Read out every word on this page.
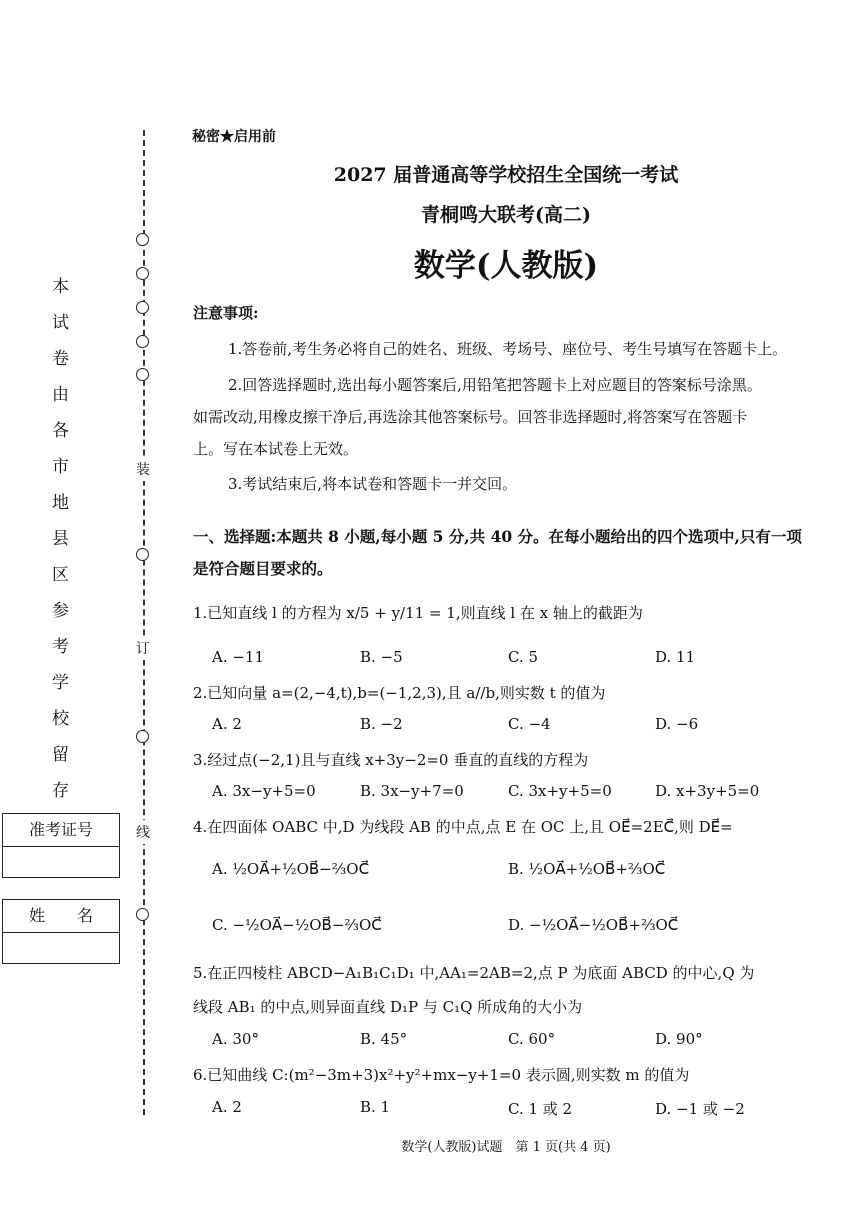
装
订
线
本
试
卷
由
各
市
地
县
区
参
考
学
校
留
存
准考证号
姓　　名
秘密★启用前
2027 届普通高等学校招生全国统一考试
青桐鸣大联考(高二)
数学(人教版)
注意事项:
1.答卷前,考生务必将自己的姓名、班级、考场号、座位号、考生号填写在答题卡上。
2.回答选择题时,选出每小题答案后,用铅笔把答题卡上对应题目的答案标号涂黑。
如需改动,用橡皮擦干净后,再选涂其他答案标号。回答非选择题时,将答案写在答题卡
上。写在本试卷上无效。
3.考试结束后,将本试卷和答题卡一并交回。
一、选择题:本题共 8 小题,每小题 5 分,共 40 分。在每小题给出的四个选项中,只有一项
是符合题目要求的。
1.已知直线 l 的方程为 x/5 + y/11 = 1,则直线 l 在 x 轴上的截距为
A. −11	B. −5	C. 5	D. 11
2.已知向量 a=(2,−4,t),b=(−1,2,3),且 a//b,则实数 t 的值为
A. 2	B. −2	C. −4	D. −6
3.经过点(−2,1)且与直线 x+3y−2=0 垂直的直线的方程为
A. 3x−y+5=0	B. 3x−y+7=0	C. 3x+y+5=0	D. x+3y+5=0
4.在四面体 OABC 中,D 为线段 AB 的中点,点 E 在 OC 上,且 OE⃗=2EC⃗,则 DE⃗=
A. ½OA⃗+½OB⃗−⅔OC⃗	B. ½OA⃗+½OB⃗+⅔OC⃗
C. −½OA⃗−½OB⃗−⅔OC⃗	D. −½OA⃗−½OB⃗+⅔OC⃗
5.在正四棱柱 ABCD−A₁B₁C₁D₁ 中,AA₁=2AB=2,点 P 为底面 ABCD 的中心,Q 为
线段 AB₁ 的中点,则异面直线 D₁P 与 C₁Q 所成角的大小为
A. 30°	B. 45°	C. 60°	D. 90°
6.已知曲线 C:(m²−3m+3)x²+y²+mx−y+1=0 表示圆,则实数 m 的值为
A. 2	B. 1	C. 1 或 2	D. −1 或 −2
数学(人教版)试题　第 1 页(共 4 页)
